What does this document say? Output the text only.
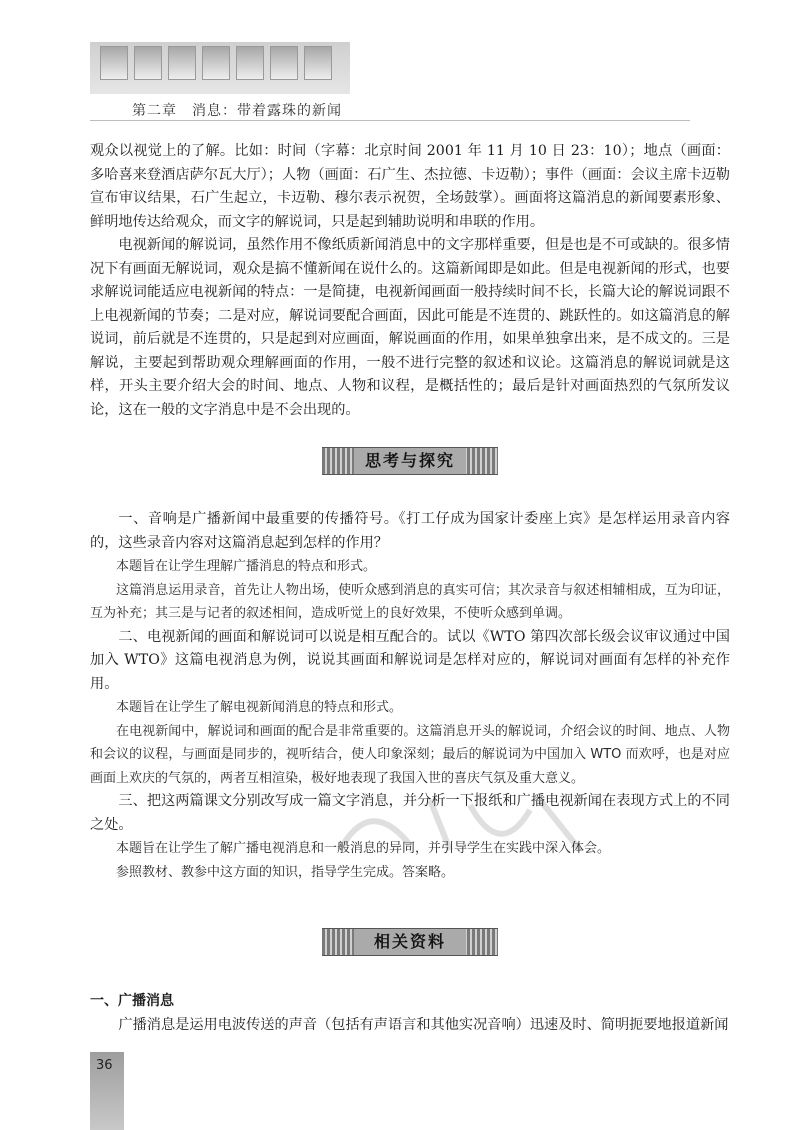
第二章　消息：带着露珠的新闻

观众以视觉上的了解。比如：时间（字幕：北京时间 2001 年 11 月 10 日 23：10）；地点（画面：多哈喜来登酒店萨尔瓦大厅）；人物（画面：石广生、杰拉德、卡迈勒）；事件（画面：会议主席卡迈勒宣布审议结果，石广生起立，卡迈勒、穆尔表示祝贺，全场鼓掌）。画面将这篇消息的新闻要素形象、鲜明地传达给观众，而文字的解说词，只是起到辅助说明和串联的作用。

电视新闻的解说词，虽然作用不像纸质新闻消息中的文字那样重要，但是也是不可或缺的。很多情况下有画面无解说词，观众是搞不懂新闻在说什么的。这篇新闻即是如此。但是电视新闻的形式，也要求解说词能适应电视新闻的特点：一是简捷，电视新闻画面一般持续时间不长，长篇大论的解说词跟不上电视新闻的节奏；二是对应，解说词要配合画面，因此可能是不连贯的、跳跃性的。如这篇消息的解说词，前后就是不连贯的，只是起到对应画面，解说画面的作用，如果单独拿出来，是不成文的。三是解说，主要起到帮助观众理解画面的作用，一般不进行完整的叙述和议论。这篇消息的解说词就是这样，开头主要介绍大会的时间、地点、人物和议程，是概括性的；最后是针对画面热烈的气氛所发议论，这在一般的文字消息中是不会出现的。

思考与探究

一、音响是广播新闻中最重要的传播符号。《打工仔成为国家计委座上宾》是怎样运用录音内容的，这些录音内容对这篇消息起到怎样的作用？

本题旨在让学生理解广播消息的特点和形式。

这篇消息运用录音，首先让人物出场，使听众感到消息的真实可信；其次录音与叙述相辅相成，互为印证，互为补充；其三是与记者的叙述相间，造成听觉上的良好效果，不使听众感到单调。

二、电视新闻的画面和解说词可以说是相互配合的。试以《WTO 第四次部长级会议审议通过中国加入 WTO》这篇电视消息为例，说说其画面和解说词是怎样对应的，解说词对画面有怎样的补充作用。

本题旨在让学生了解电视新闻消息的特点和形式。

在电视新闻中，解说词和画面的配合是非常重要的。这篇消息开头的解说词，介绍会议的时间、地点、人物和会议的议程，与画面是同步的，视听结合，使人印象深刻；最后的解说词为中国加入 WTO 而欢呼，也是对应画面上欢庆的气氛的，两者互相渲染，极好地表现了我国入世的喜庆气氛及重大意义。

三、把这两篇课文分别改写成一篇文字消息，并分析一下报纸和广播电视新闻在表现方式上的不同之处。

本题旨在让学生了解广播电视消息和一般消息的异同，并引导学生在实践中深入体会。

参照教材、教参中这方面的知识，指导学生完成。答案略。

相关资料

一、广播消息

广播消息是运用电波传送的声音（包括有声语言和其他实况音响）迅速及时、简明扼要地报道新闻

36
